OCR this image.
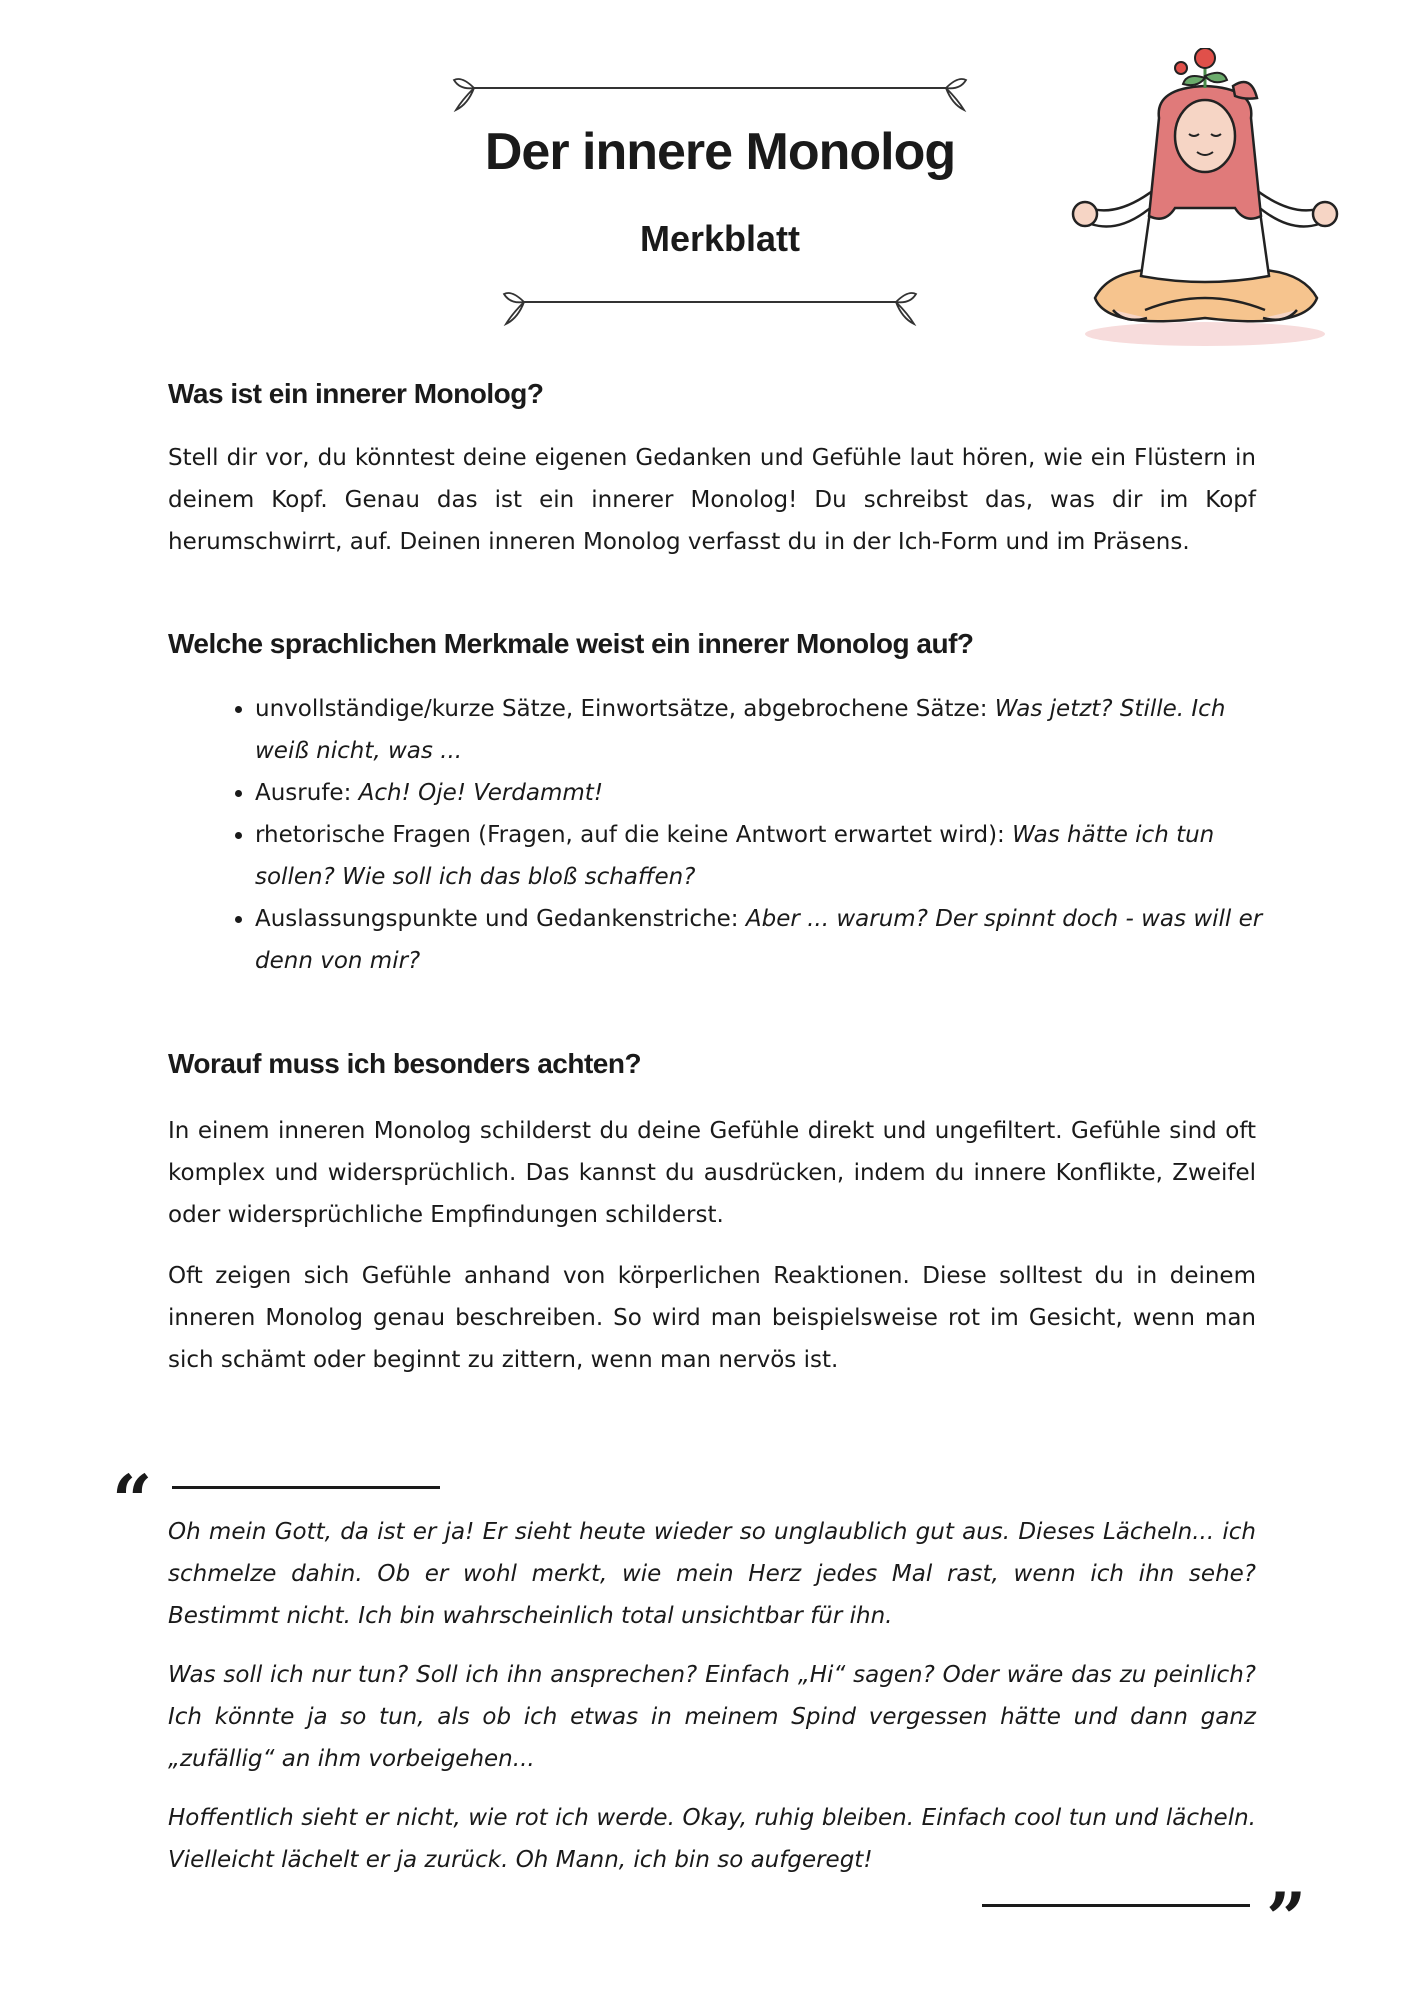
Der innere Monolog
Merkblatt
Was ist ein innerer Monolog?

Stell dir vor, du könntest deine eigenen Gedanken und Gefühle laut hören, wie ein Flüstern in deinem Kopf. Genau das ist ein innerer Monolog! Du schreibst das, was dir im Kopf herumschwirrt, auf. Deinen inneren Monolog verfasst du in der Ich-Form und im Präsens.

Welche sprachlichen Merkmale weist ein innerer Monolog auf?
• unvollständige/kurze Sätze, Einwortsätze, abgebrochene Sätze: Was jetzt? Stille. Ich weiß nicht, was ...
• Ausrufe: Ach! Oje! Verdammt!
• rhetorische Fragen (Fragen, auf die keine Antwort erwartet wird): Was hätte ich tun sollen? Wie soll ich das bloß schaffen?
• Auslassungspunkte und Gedankenstriche: Aber ... warum? Der spinnt doch - was will er denn von mir?
Worauf muss ich besonders achten?

In einem inneren Monolog schilderst du deine Gefühle direkt und ungefiltert. Gefühle sind oft komplex und widersprüchlich. Das kannst du ausdrücken, indem du innere Konflikte, Zweifel oder widersprüchliche Empfindungen schilderst.

Oft zeigen sich Gefühle anhand von körperlichen Reaktionen. Diese solltest du in deinem inneren Monolog genau beschreiben. So wird man beispielsweise rot im Gesicht, wenn man sich schämt oder beginnt zu zittern, wenn man nervös ist.

“ Oh mein Gott, da ist er ja! Er sieht heute wieder so unglaublich gut aus. Dieses Lächeln... ich schmelze dahin. Ob er wohl merkt, wie mein Herz jedes Mal rast, wenn ich ihn sehe? Bestimmt nicht. Ich bin wahrscheinlich total unsichtbar für ihn.

Was soll ich nur tun? Soll ich ihn ansprechen? Einfach „Hi“ sagen? Oder wäre das zu peinlich? Ich könnte ja so tun, als ob ich etwas in meinem Spind vergessen hätte und dann ganz „zufällig“ an ihm vorbeigehen...

Hoffentlich sieht er nicht, wie rot ich werde. Okay, ruhig bleiben. Einfach cool tun und lächeln. Vielleicht lächelt er ja zurück. Oh Mann, ich bin so aufgeregt!

”
